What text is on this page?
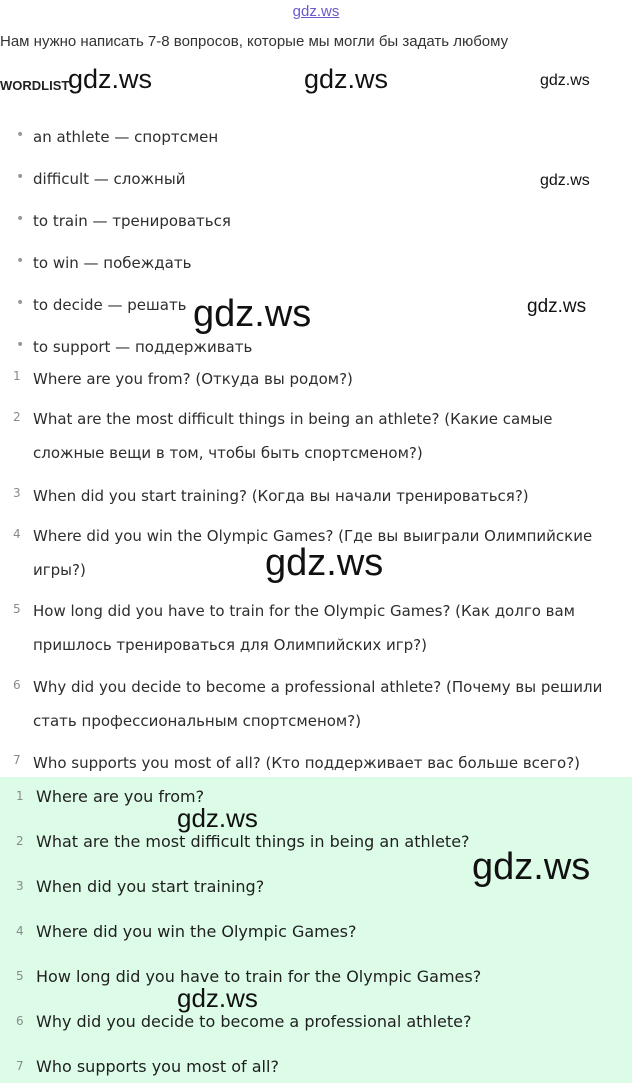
gdz.ws
Нам нужно написать 7-8 вопросов, которые мы могли бы задать любому
WORDLIST
• an athlete — спортсмен
• difficult — сложный
• to train — тренироваться
• to win — побеждать
• to decide — решать
• to support — поддерживать
1 Where are you from? (Откуда вы родом?)
2 What are the most difficult things in being an athlete? (Какие самые сложные вещи в том, чтобы быть спортсменом?)
3 When did you start training? (Когда вы начали тренироваться?)
4 Where did you win the Olympic Games? (Где вы выиграли Олимпийские игры?)
5 How long did you have to train for the Olympic Games? (Как долго вам пришлось тренироваться для Олимпийских игр?)
6 Why did you decide to become a professional athlete? (Почему вы решили стать профессиональным спортсменом?)
7 Who supports you most of all? (Кто поддерживает вас больше всего?)
1 Where are you from?
2 What are the most difficult things in being an athlete?
3 When did you start training?
4 Where did you win the Olympic Games?
5 How long did you have to train for the Olympic Games?
6 Why did you decide to become a professional athlete?
7 Who supports you most of all?
gdz.ws	gdz.ws	gdz.ws
gdz.ws
gdz.ws
gdz.ws
gdz.ws
gdz.ws
gdz.ws
gdz.ws
